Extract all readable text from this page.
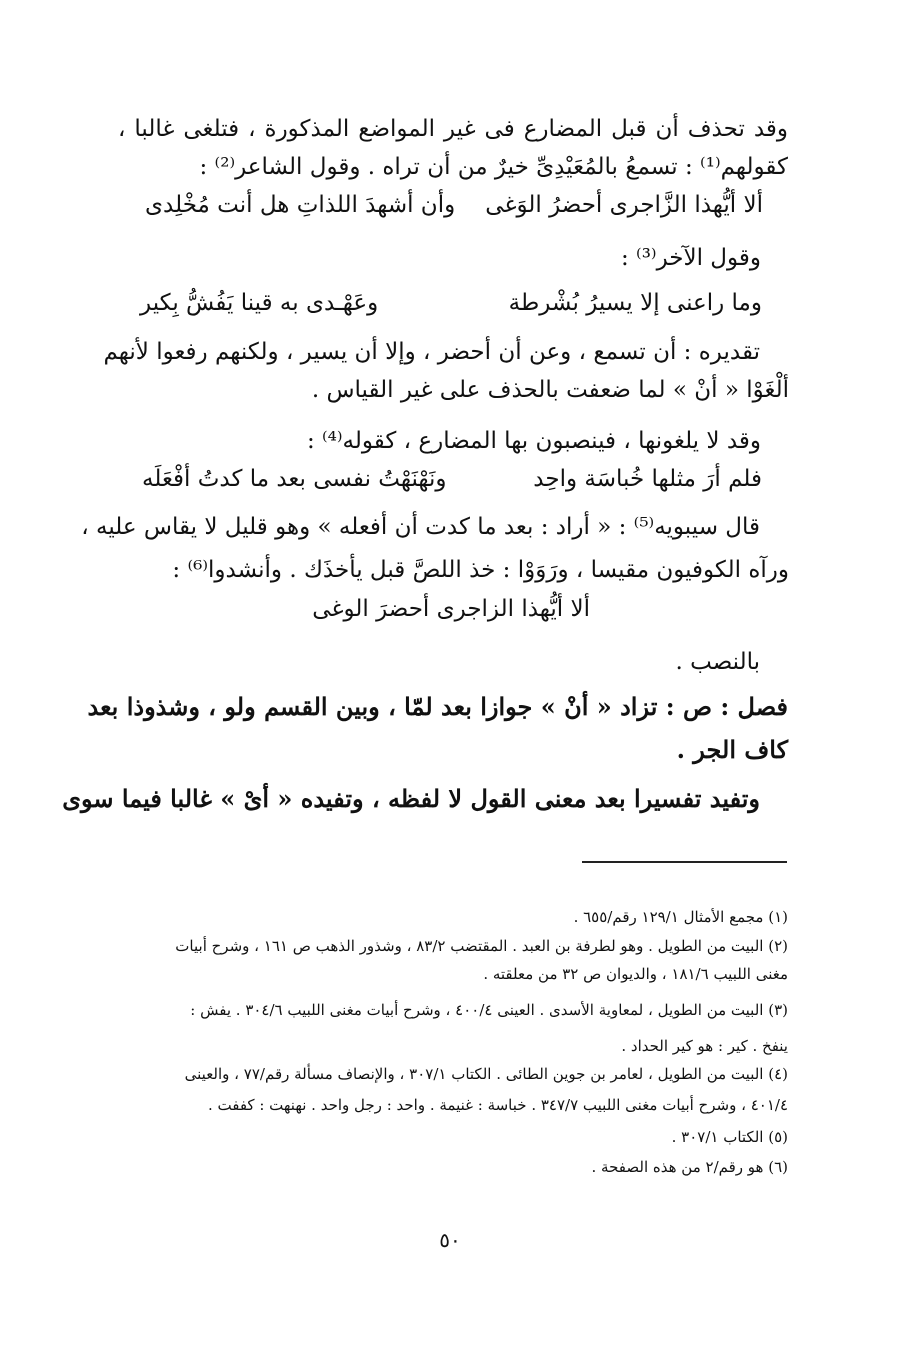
وقد تحذف أن قبل المضارع فى غير المواضع المذكورة ، فتلغى غالبا ،
كقولهم⁽¹⁾ : تسمعُ بالمُعَيْدِىِّ خيرٌ من أن تراه . وقول الشاعر⁽²⁾ :
ألا أيُّهذا الزَّاجرى أحضرُ الوَغى
وأن أشهدَ اللذاتِ هل أنت مُخْلِدى
وقول الآخر⁽³⁾ :
وما راعنى إلا يسيرُ بُشْرطة
وعَهْـدى به قينا يَفُشُّ بِكير
تقديره : أن تسمع ، وعن أن أحضر ، وإلا أن يسير ، ولكنهم رفعوا لأنهم
ألْغَوْا « أنْ » لما ضعفت بالحذف على غير القياس .
وقد لا يلغونها ، فينصبون بها المضارع ، كقوله⁽⁴⁾ :
فلم أرَ مثلها خُباسَة واحِد
ونَهْنَهْتُ نفسى بعد ما كدتُ أفْعَلَه
قال سيبويه⁽⁵⁾ : « أراد : بعد ما كدت أن أفعله » وهو قليل لا يقاس عليه ،
ورآه الكوفيون مقيسا ، ورَوَوْا : خذ اللصَّ قبل يأخذَك . وأنشدوا⁽⁶⁾ :
ألا أيُّهذا الزاجرى أحضرَ الوغى
بالنصب .
فصل : ص : تزاد « أنْ » جوازا بعد لمّا ، وبين القسم ولو ، وشذوذا بعد
كاف الجر .
وتفيد تفسيرا بعد معنى القول لا لفظه ، وتفيده « أىْ » غالبا فيما سوى
(١) مجمع الأمثال ١٢٩/١ رقم/٦٥٥ .
(٢) البيت من الطويل . وهو لطرفة بن العبد . المقتضب ٨٣/٢ ، وشذور الذهب ص ١٦١ ، وشرح أبيات
مغنى اللبيب ١٨١/٦ ، والديوان ص ٣٢ من معلقته .
(٣) البيت من الطويل ، لمعاوية الأسدى . العينى ٤٠٠/٤ ، وشرح أبيات مغنى اللبيب ٣٠٤/٦ . يفش :
ينفخ . كير : هو كير الحداد .
(٤) البيت من الطويل ، لعامر بن جوين الطائى . الكتاب ٣٠٧/١ ، والإنصاف مسألة رقم/٧٧ ، والعينى
٤٠١/٤ ، وشرح أبيات مغنى اللبيب ٣٤٧/٧ . خباسة : غنيمة . واحد : رجل واحد . نهنهت : كففت .
(٥) الكتاب ٣٠٧/١ .
(٦) هو رقم/٢ من هذه الصفحة .
٥٠
